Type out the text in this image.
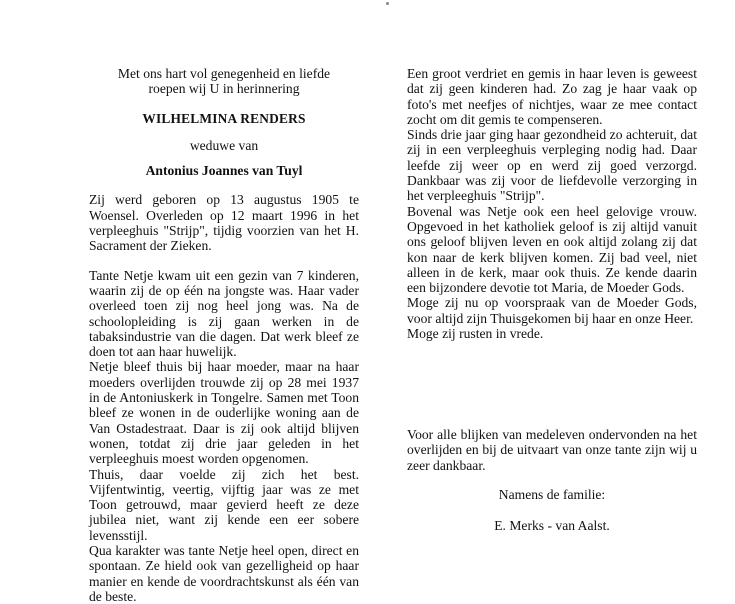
Met ons hart vol genegenheid en liefde
roepen wij U in herinnering
WILHELMINA RENDERS
weduwe van
Antonius Joannes van Tuyl

Zij werd geboren op 13 augustus 1905 te Woensel. Overleden op 12 maart 1996 in het verpleeghuis "Strijp", tijdig voorzien van het H. Sacrament der Zieken.

Tante Netje kwam uit een gezin van 7 kinderen, waarin zij de op één na jongste was. Haar vader overleed toen zij nog heel jong was. Na de schoolopleiding is zij gaan werken in de tabaksindustrie van die dagen. Dat werk bleef ze doen tot aan haar huwelijk.

Netje bleef thuis bij haar moeder, maar na haar moeders overlijden trouwde zij op 28 mei 1937 in de Antoniuskerk in Tongelre. Samen met Toon bleef ze wonen in de ouderlijke woning aan de Van Ostadestraat. Daar is zij ook altijd blijven wonen, totdat zij drie jaar geleden in het verpleeghuis moest worden opgenomen.

Thuis, daar voelde zij zich het best. Vijfentwintig, veertig, vijftig jaar was ze met Toon getrouwd, maar gevierd heeft ze deze jubilea niet, want zij kende een eer sobere levensstijl.

Qua karakter was tante Netje heel open, direct en spontaan. Ze hield ook van gezelligheid op haar manier en kende de voordrachtskunst als één van de beste.

Een groot verdriet en gemis in haar leven is geweest dat zij geen kinderen had. Zo zag je haar vaak op foto's met neefjes of nichtjes, waar ze mee contact zocht om dit gemis te compenseren.

Sinds drie jaar ging haar gezondheid zo achteruit, dat zij in een verpleeghuis verpleging nodig had. Daar leefde zij weer op en werd zij goed verzorgd. Dankbaar was zij voor de liefdevolle verzorging in het verpleeghuis "Strijp".

Bovenal was Netje ook een heel gelovige vrouw. Opgevoed in het katholiek geloof is zij altijd vanuit ons geloof blijven leven en ook altijd zolang zij dat kon naar de kerk blijven komen. Zij bad veel, niet alleen in de kerk, maar ook thuis. Ze kende daarin een bijzondere devotie tot Maria, de Moeder Gods.

Moge zij nu op voorspraak van de Moeder Gods, voor altijd zijn Thuisgekomen bij haar en onze Heer.

Moge zij rusten in vrede.

Voor alle blijken van medeleven ondervonden na het overlijden en bij de uitvaart van onze tante zijn wij u zeer dankbaar.

Namens de familie:
E. Merks - van Aalst.
